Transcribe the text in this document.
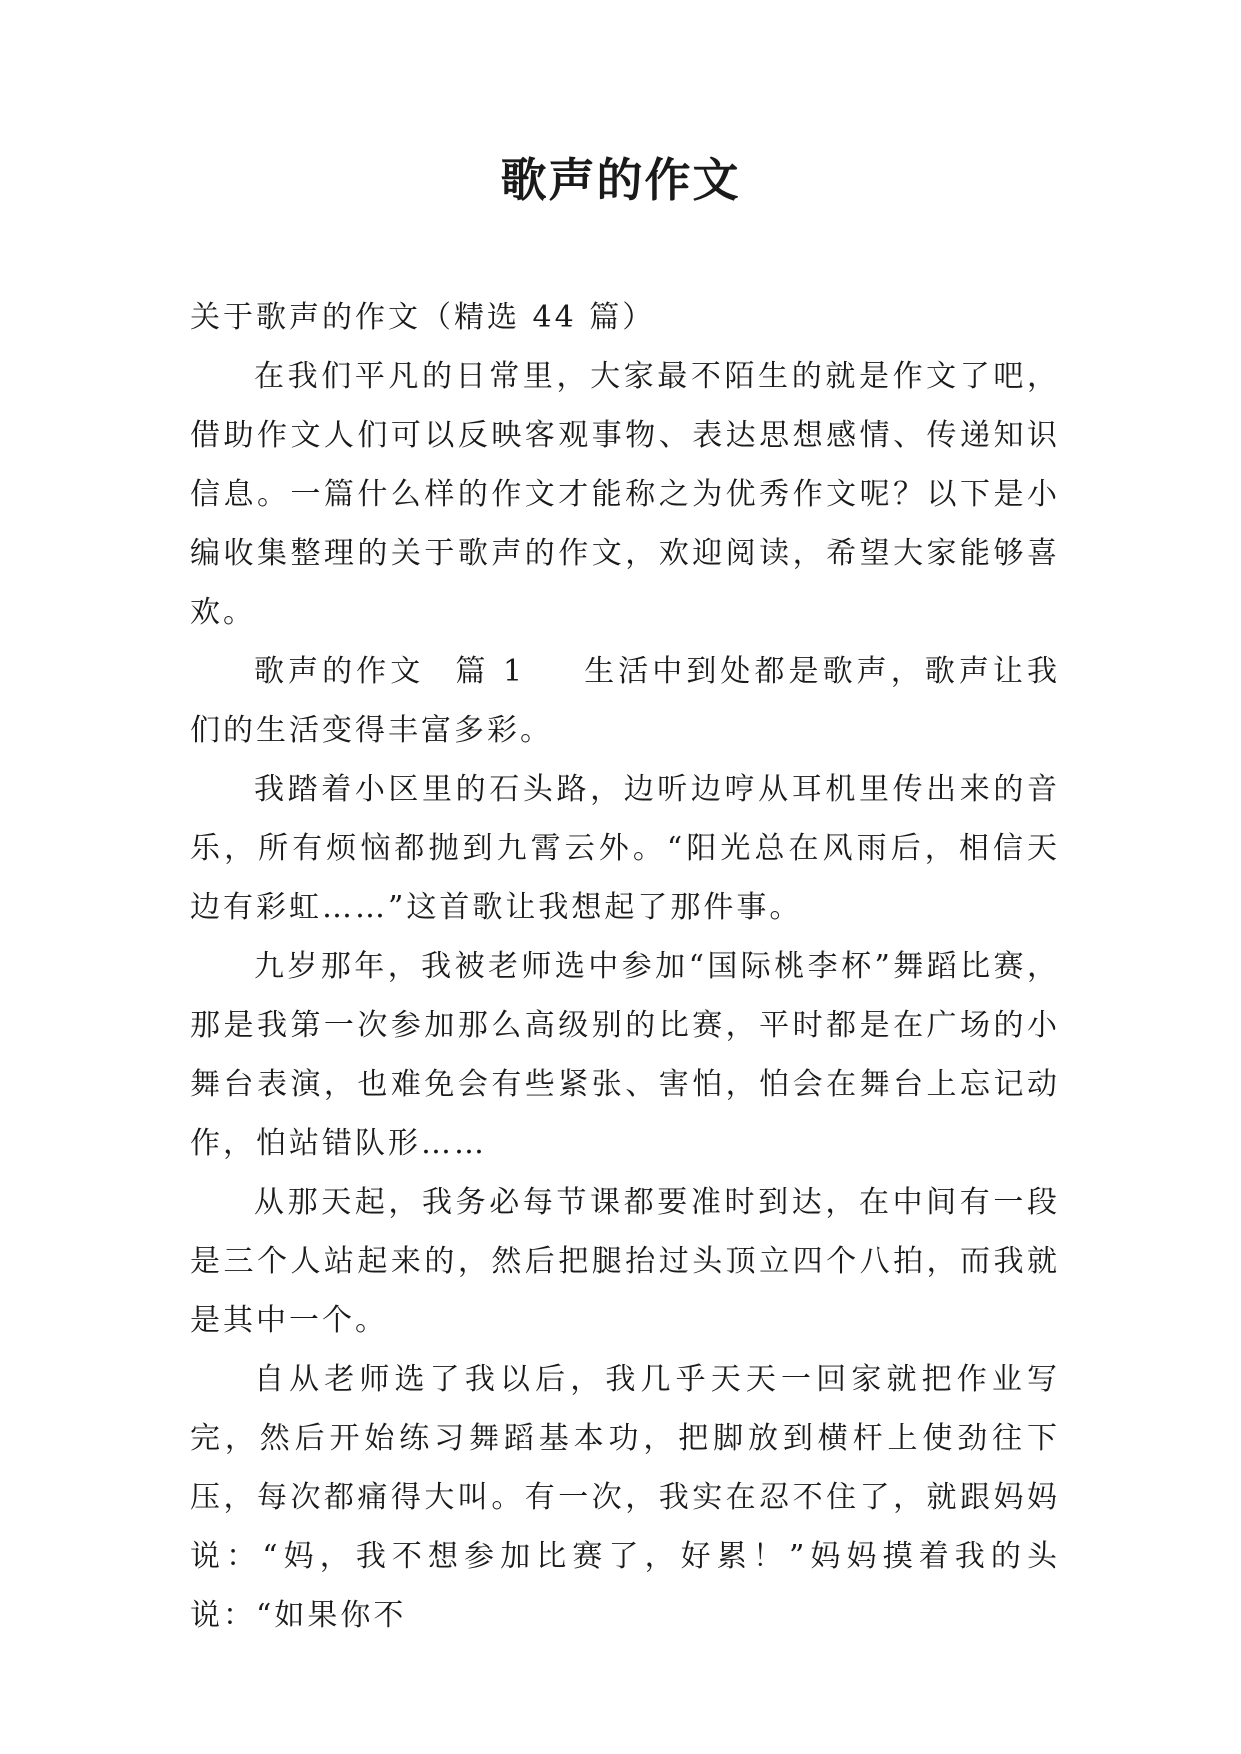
歌声的作文

关于歌声的作文（精选 44 篇）

在我们平凡的日常里，大家最不陌生的就是作文了吧，借助作文人们可以反映客观事物、表达思想感情、传递知识信息。一篇什么样的作文才能称之为优秀作文呢？以下是小编收集整理的关于歌声的作文，欢迎阅读，希望大家能够喜欢。

歌声的作文 篇 1 生活中到处都是歌声，歌声让我们的生活变得丰富多彩。

我踏着小区里的石头路，边听边哼从耳机里传出来的音乐，所有烦恼都抛到九霄云外。“阳光总在风雨后，相信天边有彩虹……”这首歌让我想起了那件事。

九岁那年，我被老师选中参加“国际桃李杯”舞蹈比赛，那是我第一次参加那么高级别的比赛，平时都是在广场的小舞台表演，也难免会有些紧张、害怕，怕会在舞台上忘记动作，怕站错队形……

从那天起，我务必每节课都要准时到达，在中间有一段是三个人站起来的，然后把腿抬过头顶立四个八拍，而我就是其中一个。

自从老师选了我以后，我几乎天天一回家就把作业写完，然后开始练习舞蹈基本功，把脚放到横杆上使劲往下压，每次都痛得大叫。有一次，我实在忍不住了，就跟妈妈说：“妈，我不想参加比赛了，好累！”妈妈摸着我的头说：“如果你不
